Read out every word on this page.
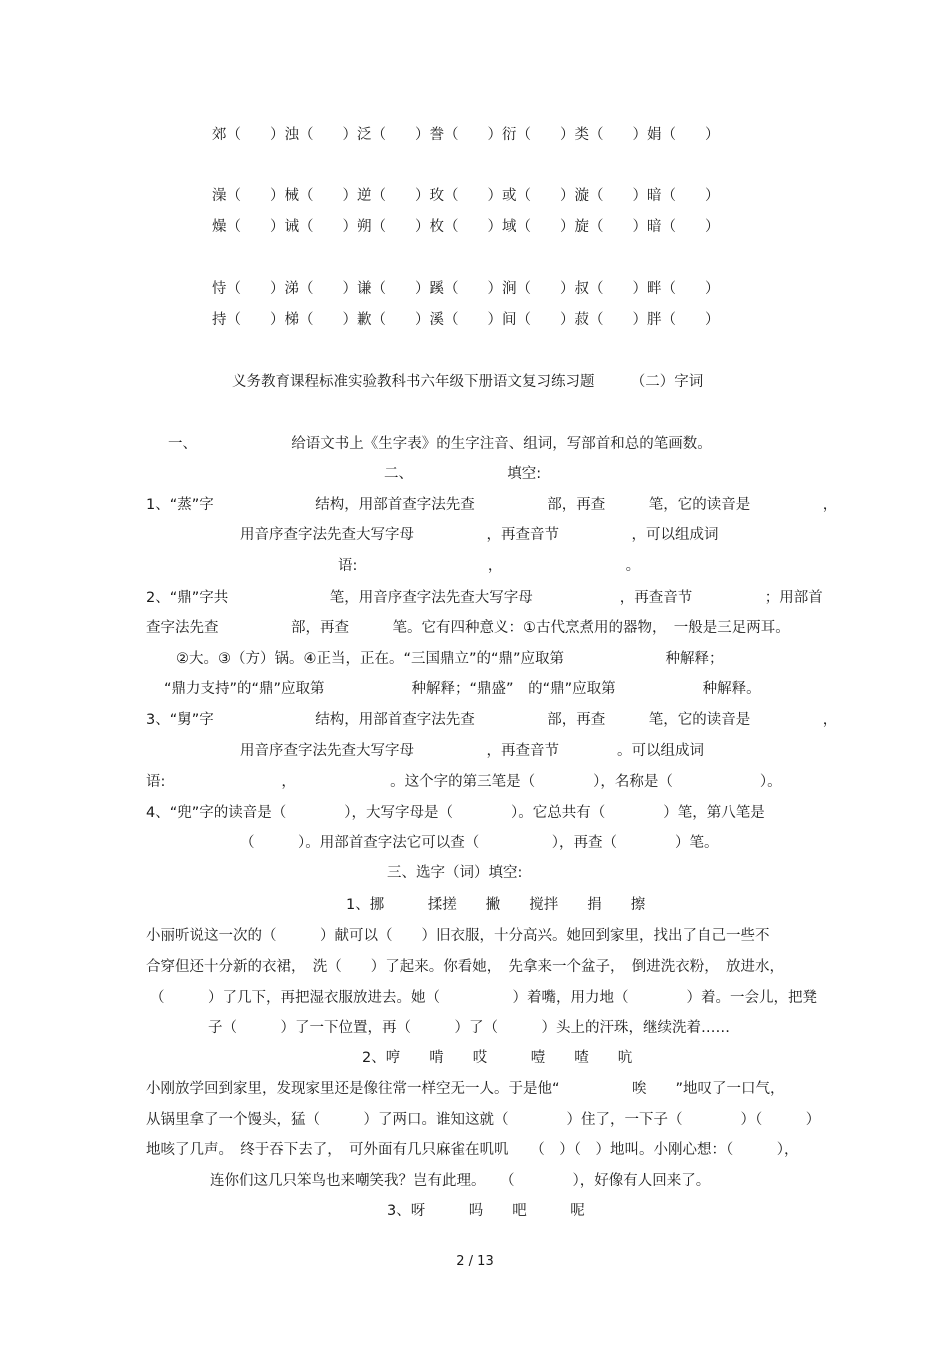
郊（　　）浊（　　）泛（　　）誊（　　）衍（　　）类（　　）娟（　　）
澡（　　）械（　　）逆（　　）玫（　　）或（　　）漩（　　）暗（　　）
燥（　　）诫（　　）朔（　　）枚（　　）域（　　）旋（　　）暗（　　）
恃（　　）涕（　　）谦（　　）蹊（　　）涧（　　）叔（　　）畔（　　）
持（　　）梯（　　）歉（　　）溪（　　）间（　　）菽（　　）胖（　　）
义务教育课程标准实验教科书六年级下册语文复习练习题　　　（二）字词
一、　　　　　　　给语文书上《生字表》的生字注音、组词，写部首和总的笔画数。
二、　　　　　　　填空:
1、“蒸”字　　　　　　　结构，用部首查字法先查　　　　　部，再查　　　笔，它的读音是　　　　　，
用音序查字法先查大写字母　　　　　，再查音节　　　　　，可以组成词
语:　　　　　　　　　，　　　　　　　　　。
2、“鼎”字共　　　　　　　笔，用音序查字法先查大写字母　　　　　　，再查音节　　　　　；用部首
查字法先查　　　　　部，再查　　　笔。它有四种意义：①古代烹煮用的器物，　一般是三足两耳。
②大。③（方）锅。④正当，正在。“三国鼎立”的“鼎”应取第　　　　　　　种解释；
“鼎力支持”的“鼎”应取第　　　　　　种解释；“鼎盛”　的“鼎”应取第　　　　　　种解释。
3、“舅”字　　　　　　　结构，用部首查字法先查　　　　　部，再查　　　笔，它的读音是　　　　　，
用音序查字法先查大写字母　　　　　，再查音节　　　　。可以组成词
语:　　　　　　　　，　　　　　　　。这个字的第三笔是（　　　　），名称是（　　　　　　）。
4、“兜”字的读音是（　　　　），大写字母是（　　　　）。它总共有（　　　　）笔，第八笔是
（　　　）。用部首查字法它可以查（　　　　　），再查（　　　　）笔。
三、选字（词）填空:
1、挪　　　揉搓　　撇　　搅拌　　捐　　擦
小丽听说这一次的（　　　）献可以（　　）旧衣服，十分高兴。她回到家里，找出了自己一些不
合穿但还十分新的衣裙，　洗（　　）了起来。你看她，　先拿来一个盆子，　倒进洗衣粉，　放进水，
（　　　）了几下，再把湿衣服放进去。她（　　　　　）着嘴，用力地（　　　　）着。一会儿，把凳
子（　　　）了一下位置，再（　　　）了（　　　）头上的汗珠，继续洗着……
2、哼　　啃　　哎　　　噎　　喳　　吭
小刚放学回到家里，发现家里还是像往常一样空无一人。于是他“　　　　　唉　　”地叹了一口气，
从锅里拿了一个馒头，猛（　　　）了两口。谁知这就（　　　　）住了，一下子（　　　　）（　　　）
地咳了几声。　终于吞下去了，　可外面有几只麻雀在叽叽　　（　）（　）地叫。小刚心想：（　　　），
连你们这几只笨鸟也来嘲笑我？岂有此理。　　（　　　　），好像有人回来了。
3、呀　　　吗　　吧　　　呢
2 / 13
